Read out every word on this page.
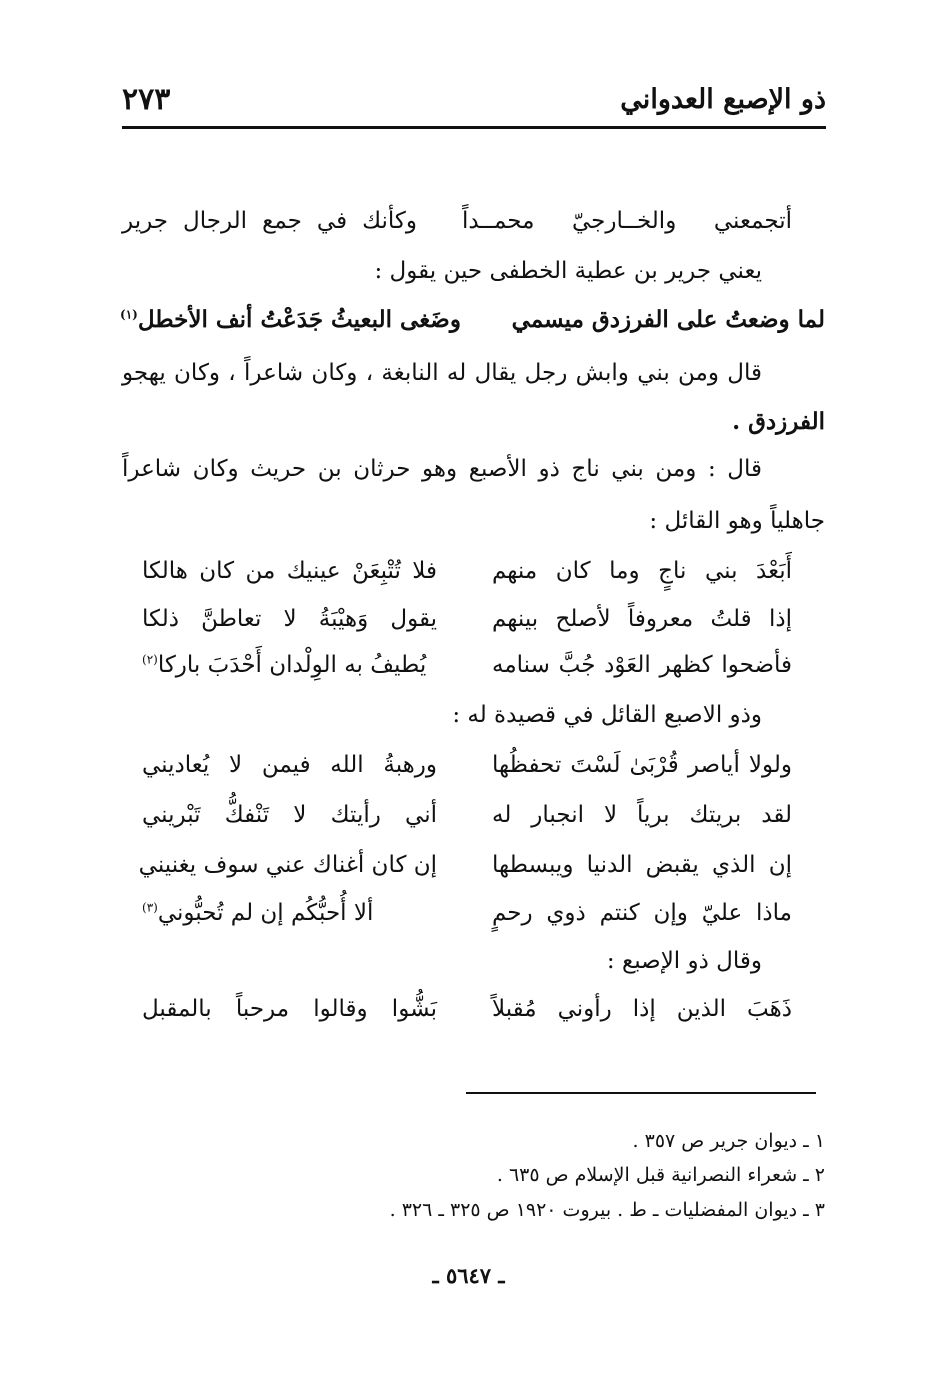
ذو الإصبع العدواني
٢٧٣
أتجمعني والخــارجيّ محمــداً
وكأنك في جمع الرجال جرير
يعني جرير بن عطية الخطفى حين يقول :
لما وضعتُ على الفرزدق ميسمي
وضَغى البعيثُ جَدَعْتُ أنف الأخطل$^{(١)}$
قال ومن بني وابش رجل يقال له النابغة ، وكان شاعراً ، وكان يهجو
الفرزدق .
قال : ومن بني ناج ذو الأصبع وهو حرثان بن حريث وكان شاعراً
جاهلياً وهو القائل :
أَبَعْدَ بني ناجٍ وما كان منهم
فلا تُتْبِعَنْ عينيك من كان هالكا
إذا قلتُ معروفاً لأصلح بينهم
يقول وَهيْبَةُ لا تعاطنَّ ذلكا
فأضحوا كظهر العَوْد جُبَّ سنامه
يُطيفُ به الوِلْدان أَحْدَبَ باركا$^{(٢)}$
وذو الاصبع القائل في قصيدة له :
ولولا أياصر قُرْبَىٰ لَسْتَ تحفظُها
ورهبةُ الله فيمن لا يُعاديني
لقد بريتك برياً لا انجبار له
أني رأيتك لا تَنْفكُّ تَبْريني
إن الذي يقبض الدنيا ويبسطها
إن كان أغناك عني سوف يغنيني
ماذا عليّ وإن كنتم ذوي رحمٍ
ألا أُحبُّكُم إن لم تُحبُّوني$^{(٣)}$
وقال ذو الإصبع :
ذَهَبَ الذين إذا رأوني مُقبلاً
بَشُّوا وقالوا مرحباً بالمقبل
١ ـ ديوان جرير ص ٣٥٧ .
٢ ـ شعراء النصرانية قبل الإسلام ص ٦٣٥ .
٣ ـ ديوان المفضليات ـ ط . بيروت ١٩٢٠ ص ٣٢٥ ـ ٣٢٦ .
ـ ٥٦٤٧ ـ
